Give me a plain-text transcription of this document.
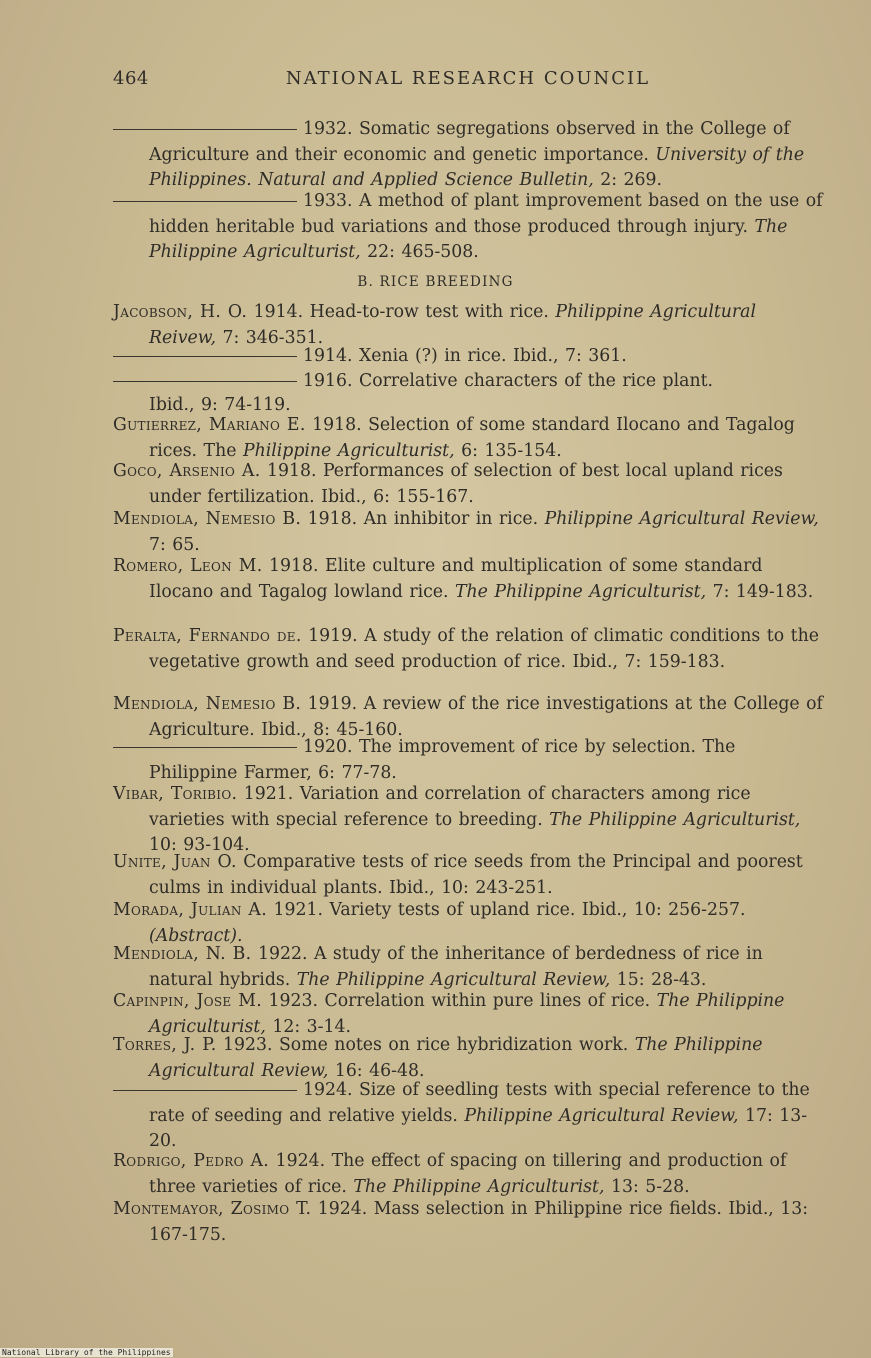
464	NATIONAL RESEARCH COUNCIL
B. RICE BREEDING

1932. Somatic segregations observed in the College of Agriculture and their economic and genetic importance. University of the Philippines. Natural and Applied Science Bulletin, 2: 269.

1933. A method of plant improvement based on the use of hidden heritable bud variations and those produced through injury. The Philippine Agriculturist, 22: 465-508.

Jacobson, H. O. 1914. Head-to-row test with rice. Philippine Agricultural Reivew, 7: 346-351.

1914. Xenia (?) in rice. Ibid., 7: 361.

1916. Correlative characters of the rice plant.

Ibid., 9: 74-119.

Gutierrez, Mariano E. 1918. Selection of some standard Ilocano and Tagalog rices. The Philippine Agriculturist, 6: 135-154.

Goco, Arsenio A. 1918. Performances of selection of best local upland rices under fertilization. Ibid., 6: 155-167.

Mendiola, Nemesio B. 1918. An inhibitor in rice. Philippine Agricultural Review, 7: 65.

Romero, Leon M. 1918. Elite culture and multiplication of some standard Ilocano and Tagalog lowland rice. The Philippine Agriculturist, 7: 149-183.

Peralta, Fernando de. 1919. A study of the relation of climatic conditions to the vegetative growth and seed production of rice. Ibid., 7: 159-183.

Mendiola, Nemesio B. 1919. A review of the rice investigations at the College of Agriculture. Ibid., 8: 45-160.

1920. The improvement of rice by selection. The Philippine Farmer, 6: 77-78.

Vibar, Toribio. 1921. Variation and correlation of characters among rice varieties with special reference to breeding. The Philippine Agriculturist, 10: 93-104.

Unite, Juan O. Comparative tests of rice seeds from the Principal and poorest culms in individual plants. Ibid., 10: 243-251.

Morada, Julian A. 1921. Variety tests of upland rice. Ibid., 10: 256-257. (Abstract).

Mendiola, N. B. 1922. A study of the inheritance of berdedness of rice in natural hybrids. The Philippine Agricultural Review, 15: 28-43.

Capinpin, Jose M. 1923. Correlation within pure lines of rice. The Philippine Agriculturist, 12: 3-14.

Torres, J. P. 1923. Some notes on rice hybridization work. The Philippine Agricultural Review, 16: 46-48.

1924. Size of seedling tests with special reference to the rate of seeding and relative yields. Philippine Agricultural Review, 17: 13-20.

Rodrigo, Pedro A. 1924. The effect of spacing on tillering and production of three varieties of rice. The Philippine Agriculturist, 13: 5-28.

Montemayor, Zosimo T. 1924. Mass selection in Philippine rice fields. Ibid., 13: 167-175.

National Library of the Philippines
